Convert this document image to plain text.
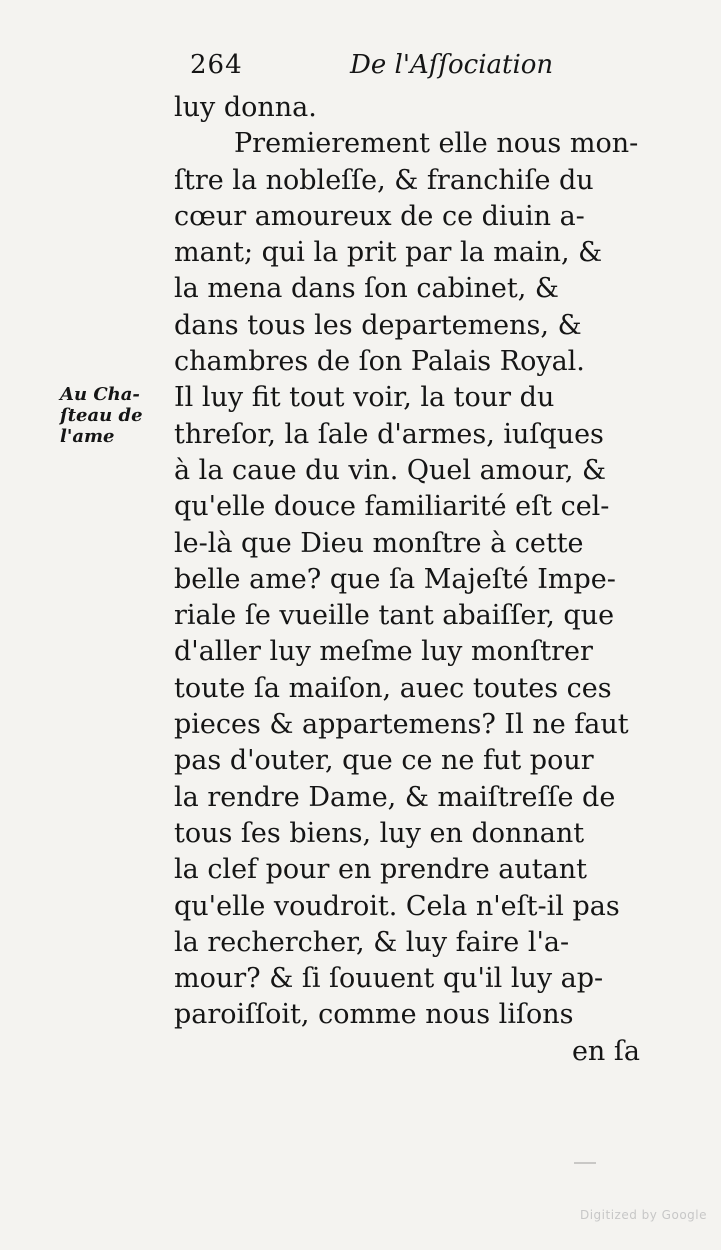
264	De l'Aſſociation
Au Cha-
ſteau de
l'ame
luy donna.
Premierement elle nous mon-
ſtre la nobleſſe, & franchiſe du
cœur amoureux de ce diuin a-
mant; qui la prit par la main, &
la mena dans ſon cabinet, &
dans tous les departemens, &
chambres de ſon Palais Royal.
Il luy fit tout voir, la tour du
threſor, la ſale d'armes, iuſques
à la caue du vin. Quel amour, &
qu'elle douce familiarité eſt cel-
le-là que Dieu monſtre à cette
belle ame? que ſa Majeſté Impe-
riale ſe vueille tant abaiſſer, que
d'aller luy meſme luy monſtrer
toute ſa maiſon, auec toutes ces
pieces & appartemens? Il ne faut
pas d'outer, que ce ne fut pour
la rendre Dame, & maiſtreſſe de
tous ſes biens, luy en donnant
la clef pour en prendre autant
qu'elle voudroit. Cela n'eſt-il pas
la rechercher, & luy faire l'a-
mour? & ſi ſouuent qu'il luy ap-
paroiſſoit, comme nous liſons
en ſa
Digitized by Google
